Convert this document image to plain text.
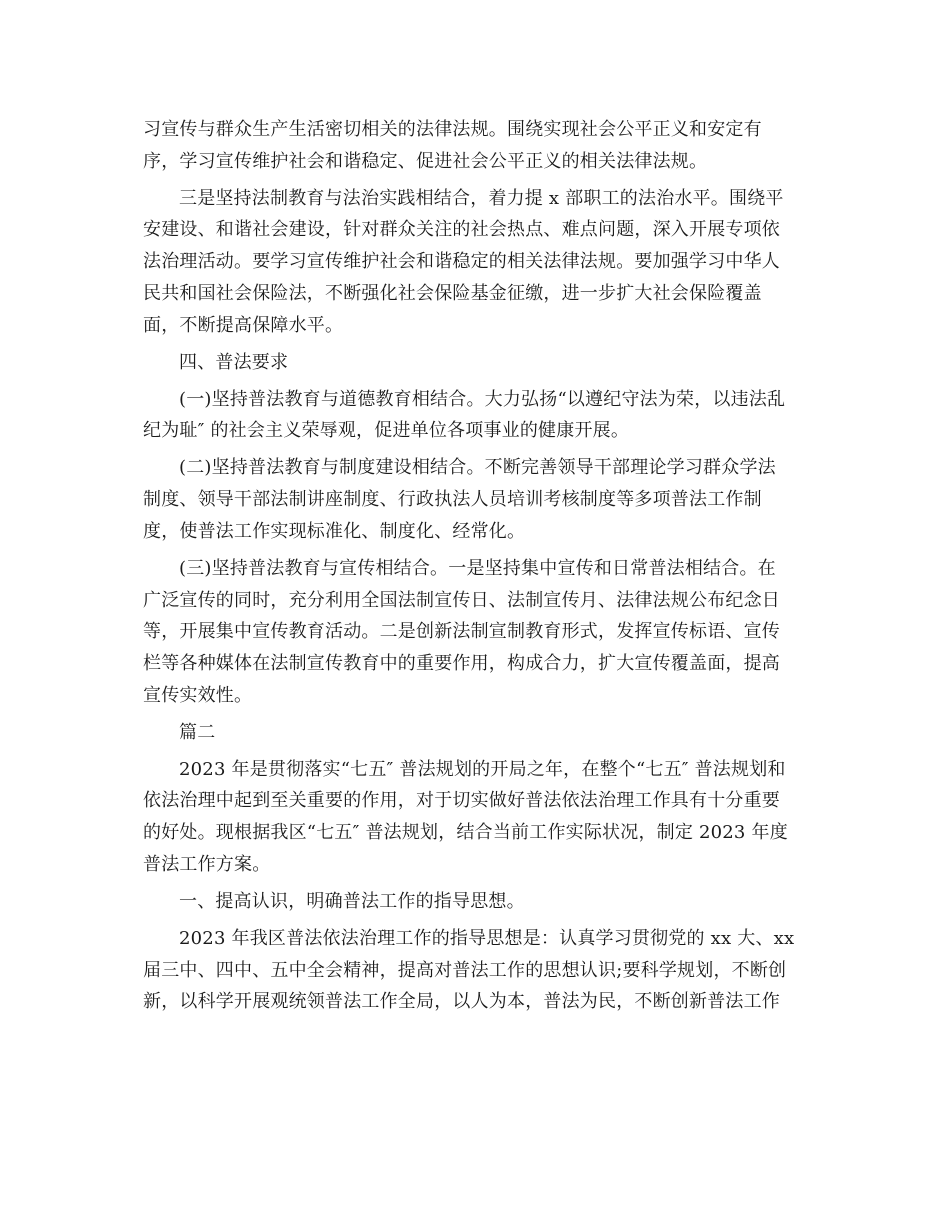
习宣传与群众生产生活密切相关的法律法规。围绕实现社会公平正义和安定有
序，学习宣传维护社会和谐稳定、促进社会公平正义的相关法律法规。
三是坚持法制教育与法治实践相结合，着力提 x 部职工的法治水平。围绕平
安建设、和谐社会建设，针对群众关注的社会热点、难点问题，深入开展专项依
法治理活动。要学习宣传维护社会和谐稳定的相关法律法规。要加强学习中华人
民共和国社会保险法，不断强化社会保险基金征缴，进一步扩大社会保险覆盖
面，不断提高保障水平。
四、普法要求
(一)坚持普法教育与道德教育相结合。大力弘扬“以遵纪守法为荣，以违法乱
纪为耻″ 的社会主义荣辱观，促进单位各项事业的健康开展。
(二)坚持普法教育与制度建设相结合。不断完善领导干部理论学习群众学法
制度、领导干部法制讲座制度、行政执法人员培训考核制度等多项普法工作制
度，使普法工作实现标准化、制度化、经常化。
(三)坚持普法教育与宣传相结合。一是坚持集中宣传和日常普法相结合。在
广泛宣传的同时，充分利用全国法制宣传日、法制宣传月、法律法规公布纪念日
等，开展集中宣传教育活动。二是创新法制宣制教育形式，发挥宣传标语、宣传
栏等各种媒体在法制宣传教育中的重要作用，构成合力，扩大宣传覆盖面，提高
宣传实效性。
篇二
2023 年是贯彻落实“七五″ 普法规划的开局之年，在整个“七五″ 普法规划和
依法治理中起到至关重要的作用，对于切实做好普法依法治理工作具有十分重要
的好处。现根据我区“七五″ 普法规划，结合当前工作实际状况，制定 2023 年度
普法工作方案。
一、提高认识，明确普法工作的指导思想。
2023 年我区普法依法治理工作的指导思想是：认真学习贯彻党的 xx 大、xx
届三中、四中、五中全会精神，提高对普法工作的思想认识;要科学规划，不断创
新，以科学开展观统领普法工作全局，以人为本，普法为民，不断创新普法工作
